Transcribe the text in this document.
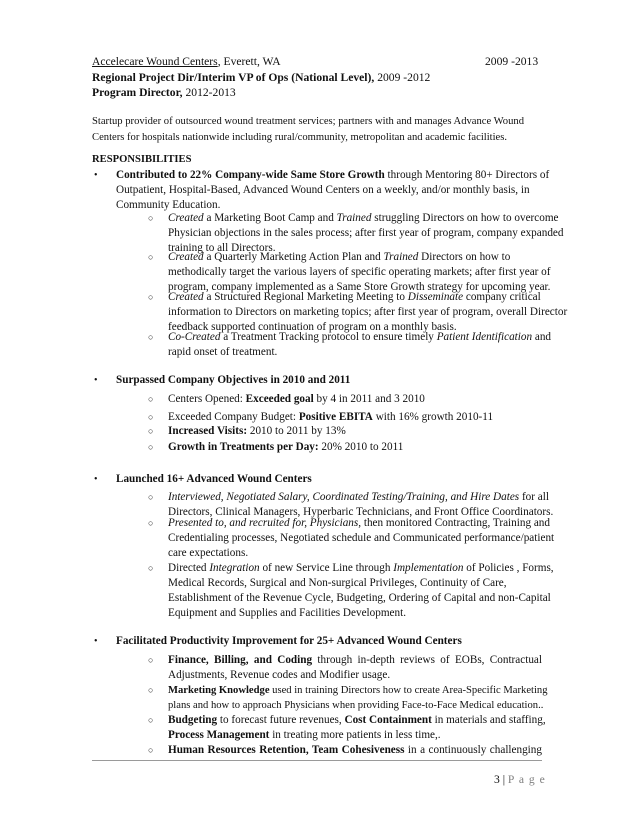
Accelecare Wound Centers, Everett, WA	2009 -2013
Regional Project Dir/Interim VP of Ops (National Level), 2009 -2012
Program Director, 2012-2013
Startup provider of outsourced wound treatment services; partners with and manages Advance Wound
Centers for hospitals nationwide including rural/community, metropolitan and academic facilities.
RESPONSIBILITIES
• Contributed to 22% Company-wide Same Store Growth through Mentoring 80+ Directors of
Outpatient, Hospital-Based, Advanced Wound Centers on a weekly, and/or monthly basis, in
Community Education.
○ Created a Marketing Boot Camp and Trained struggling Directors on how to overcome
Physician objections in the sales process; after first year of program, company expanded
training to all Directors.
○ Created a Quarterly Marketing Action Plan and Trained Directors on how to
methodically target the various layers of specific operating markets; after first year of
program, company implemented as a Same Store Growth strategy for upcoming year.
○ Created a Structured Regional Marketing Meeting to Disseminate company critical
information to Directors on marketing topics; after first year of program, overall Director
feedback supported continuation of program on a monthly basis.
○ Co-Created a Treatment Tracking protocol to ensure timely Patient Identification and
rapid onset of treatment.
• Surpassed Company Objectives in 2010 and 2011
○ Centers Opened: Exceeded goal by 4 in 2011 and 3 2010
○ Exceeded Company Budget: Positive EBITA with 16% growth 2010-11
○ Increased Visits: 2010 to 2011 by 13%
○ Growth in Treatments per Day: 20% 2010 to 2011
• Launched 16+ Advanced Wound Centers
○ Interviewed, Negotiated Salary, Coordinated Testing/Training, and Hire Dates for all
Directors, Clinical Managers, Hyperbaric Technicians, and Front Office Coordinators.
○ Presented to, and recruited for, Physicians, then monitored Contracting, Training and
Credentialing processes, Negotiated schedule and Communicated performance/patient
care expectations.
○ Directed Integration of new Service Line through Implementation of Policies , Forms,
Medical Records, Surgical and Non-surgical Privileges, Continuity of Care,
Establishment of the Revenue Cycle, Budgeting, Ordering of Capital and non-Capital
Equipment and Supplies and Facilities Development.
• Facilitated Productivity Improvement for 25+ Advanced Wound Centers
○ Finance, Billing, and Coding through in-depth reviews of EOBs, Contractual
Adjustments, Revenue codes and Modifier usage.
○ Marketing Knowledge used in training Directors how to create Area-Specific Marketing
plans and how to approach Physicians when providing Face-to-Face Medical education..
○ Budgeting to forecast future revenues, Cost Containment in materials and staffing,
Process Management in treating more patients in less time,.
○ Human Resources Retention, Team Cohesiveness in a continuously challenging
3 | P a g e
